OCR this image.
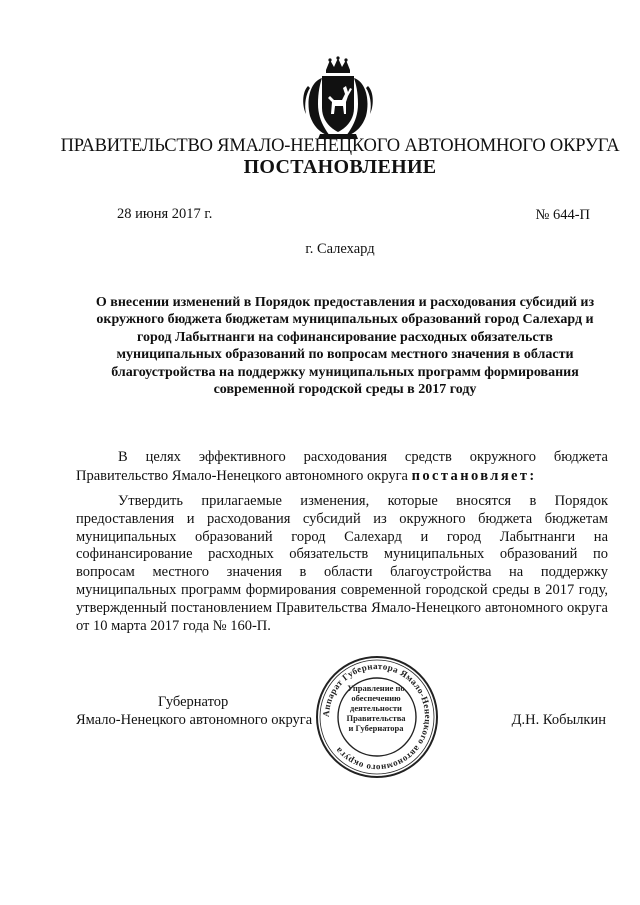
ПРАВИТЕЛЬСТВО ЯМАЛО-НЕНЕЦКОГО АВТОНОМНОГО ОКРУГА
ПОСТАНОВЛЕНИЕ
28 июня 2017 г.	№ 644-П
г. Салехард
О внесении изменений в Порядок предоставления и расходования субсидий из окружного бюджета бюджетам муниципальных образований город Салехард и город Лабытнанги на софинансирование расходных обязательств муниципальных образований по вопросам местного значения в области благоустройства на поддержку муниципальных программ формирования современной городской среды в 2017 году
В целях эффективного расходования средств окружного бюджета Правительство Ямало-Ненецкого автономного округа постановляет:
Утвердить прилагаемые изменения, которые вносятся в Порядок предоставления и расходования субсидий из окружного бюджета бюджетам муниципальных образований город Салехард и город Лабытнанги на софинансирование расходных обязательств муниципальных образований по вопросам местного значения в области благоустройства на поддержку муниципальных программ формирования современной городской среды в 2017 году, утвержденный постановлением Правительства Ямало-Ненецкого автономного округа от 10 марта 2017 года № 160-П.
Губернатор
Ямало-Ненецкого автономного округа	Д.Н. Кобылкин
Аппарат Губернатора Ямало-Ненецкого автономного округа
Управление по
обеспечению
деятельности
Правительства
и Губернатора
